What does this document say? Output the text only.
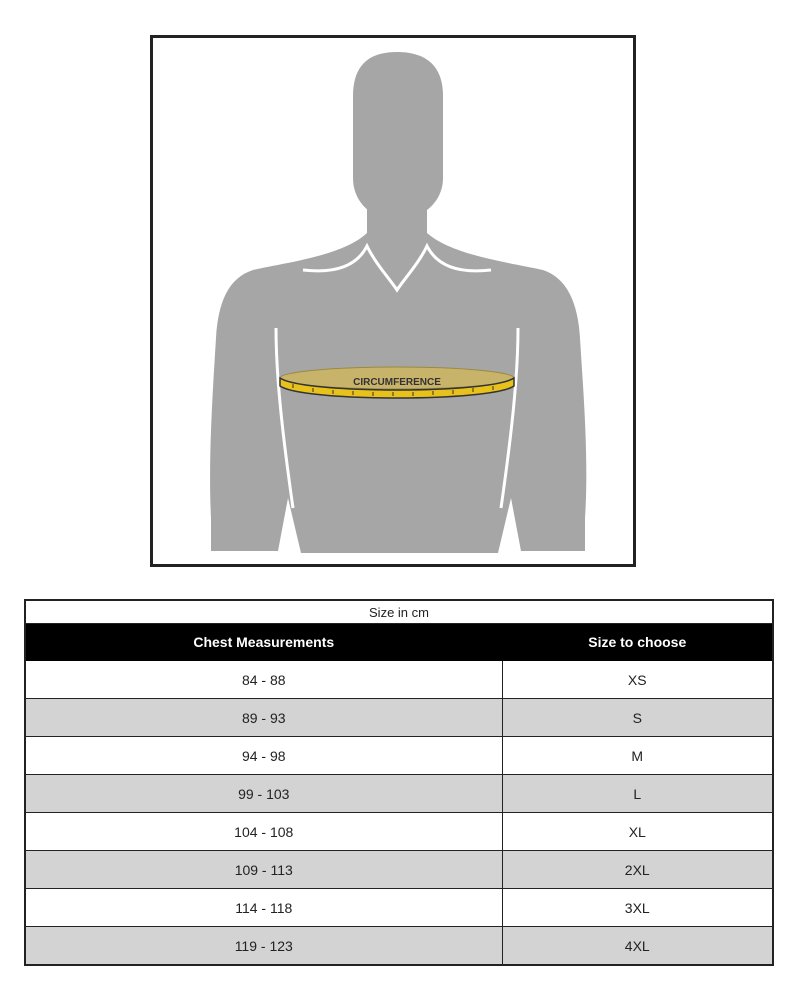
CIRCUMFERENCE
Size in cm	
Chest Measurements	Size to choose
84 - 88	XS
89 - 93	S
94 - 98	M
99 - 103	L
104 - 108	XL
109 - 113	2XL
114 - 118	3XL
119 - 123	4XL
